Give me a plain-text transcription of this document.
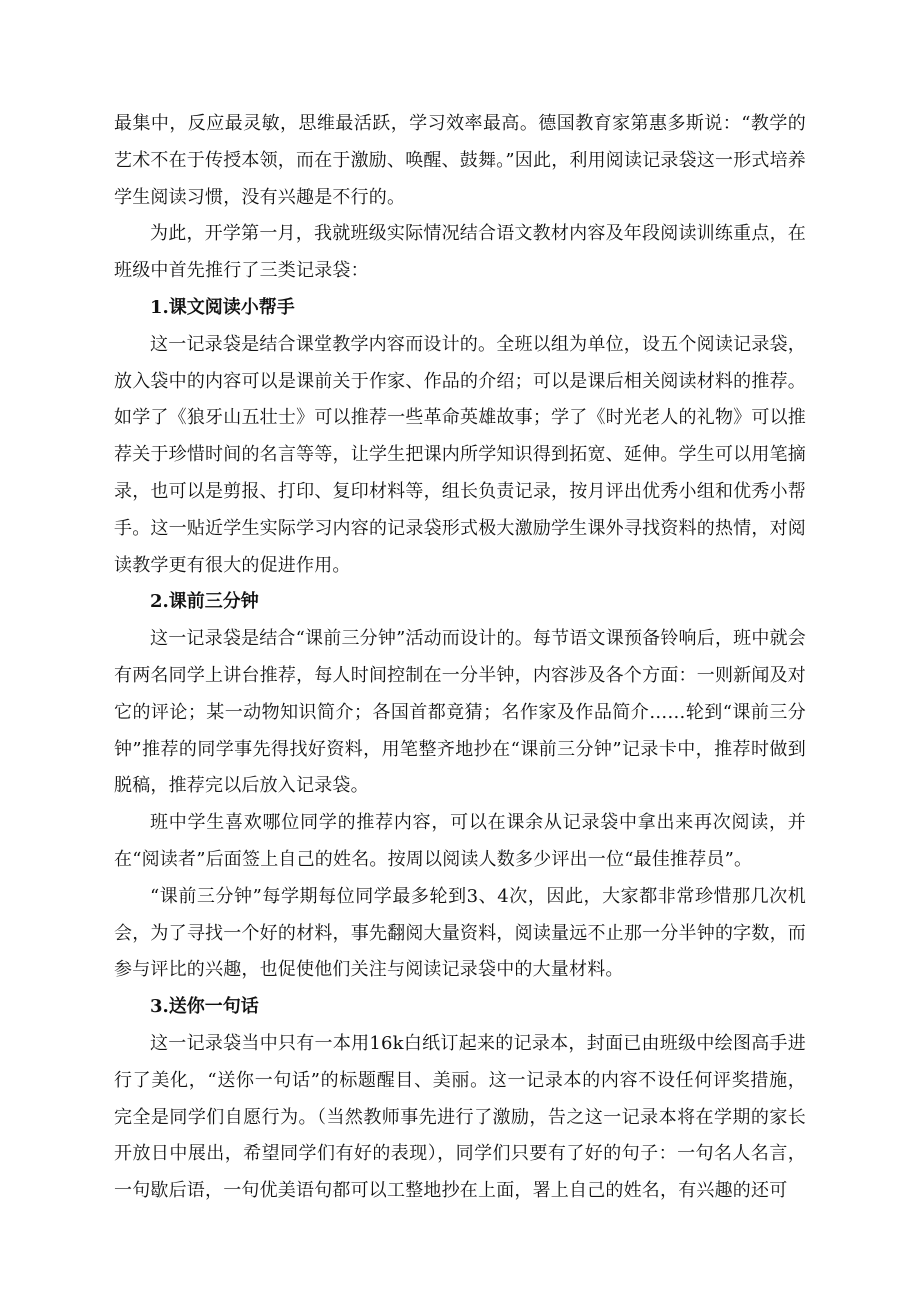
最集中，反应最灵敏，思维最活跃，学习效率最高。德国教育家第惠多斯说：“教学的艺术不在于传授本领，而在于激励、唤醒、鼓舞。”因此，利用阅读记录袋这一形式培养学生阅读习惯，没有兴趣是不行的。

为此，开学第一月，我就班级实际情况结合语文教材内容及年段阅读训练重点，在班级中首先推行了三类记录袋：

1.课文阅读小帮手

这一记录袋是结合课堂教学内容而设计的。全班以组为单位，设五个阅读记录袋，放入袋中的内容可以是课前关于作家、作品的介绍；可以是课后相关阅读材料的推荐。如学了《狼牙山五壮士》可以推荐一些革命英雄故事；学了《时光老人的礼物》可以推荐关于珍惜时间的名言等等，让学生把课内所学知识得到拓宽、延伸。学生可以用笔摘录，也可以是剪报、打印、复印材料等，组长负责记录，按月评出优秀小组和优秀小帮手。这一贴近学生实际学习内容的记录袋形式极大激励学生课外寻找资料的热情，对阅读教学更有很大的促进作用。

2.课前三分钟

这一记录袋是结合“课前三分钟”活动而设计的。每节语文课预备铃响后，班中就会有两名同学上讲台推荐，每人时间控制在一分半钟，内容涉及各个方面：一则新闻及对它的评论；某一动物知识简介；各国首都竟猜；名作家及作品简介……轮到“课前三分钟”推荐的同学事先得找好资料，用笔整齐地抄在“课前三分钟”记录卡中，推荐时做到脱稿，推荐完以后放入记录袋。

班中学生喜欢哪位同学的推荐内容，可以在课余从记录袋中拿出来再次阅读，并在“阅读者”后面签上自己的姓名。按周以阅读人数多少评出一位“最佳推荐员”。

“课前三分钟”每学期每位同学最多轮到3、4次，因此，大家都非常珍惜那几次机会，为了寻找一个好的材料，事先翻阅大量资料，阅读量远不止那一分半钟的字数，而参与评比的兴趣，也促使他们关注与阅读记录袋中的大量材料。

3.送你一句话

这一记录袋当中只有一本用16k白纸订起来的记录本，封面已由班级中绘图高手进行了美化，“送你一句话”的标题醒目、美丽。这一记录本的内容不设任何评奖措施，完全是同学们自愿行为。（当然教师事先进行了激励，告之这一记录本将在学期的家长开放日中展出，希望同学们有好的表现），同学们只要有了好的句子：一句名人名言，一句歇后语，一句优美语句都可以工整地抄在上面，署上自己的姓名，有兴趣的还可
